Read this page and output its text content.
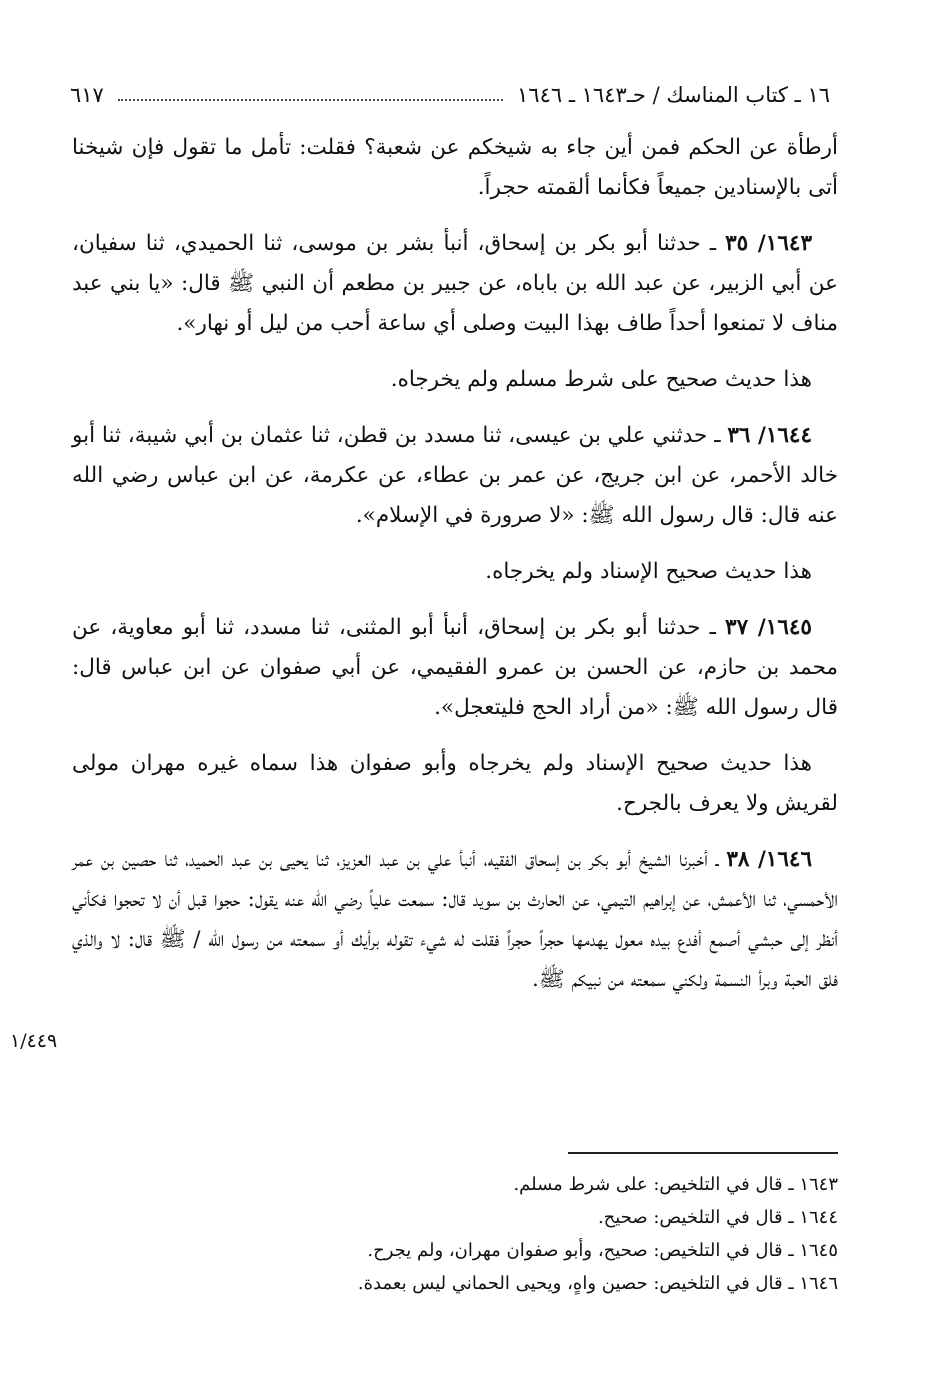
١٦ ـ كتاب المناسك / حـ١٦٤٣ ـ ١٦٤٦
٦١٧

أرطأة عن الحكم فمن أين جاء به شيخكم عن شعبة؟ فقلت: تأمل ما تقول فإن شيخنا أتى بالإسنادين جميعاً فكأنما ألقمته حجراً.

١٦٤٣/ ٣٥ ـ حدثنا أبو بكر بن إسحاق، أنبأ بشر بن موسى، ثنا الحميدي، ثنا سفيان، عن أبي الزبير، عن عبد الله بن باباه، عن جبير بن مطعم أن النبي ﷺ قال: «يا بني عبد مناف لا تمنعوا أحداً طاف بهذا البيت وصلى أي ساعة أحب من ليل أو نهار».

هذا حديث صحيح على شرط مسلم ولم يخرجاه.

١٦٤٤/ ٣٦ ـ حدثني علي بن عيسى، ثنا مسدد بن قطن، ثنا عثمان بن أبي شيبة، ثنا أبو خالد الأحمر، عن ابن جريج، عن عمر بن عطاء، عن عكرمة، عن ابن عباس رضي الله عنه قال: قال رسول الله ﷺ: «لا صرورة في الإسلام».

هذا حديث صحيح الإسناد ولم يخرجاه.

١٦٤٥/ ٣٧ ـ حدثنا أبو بكر بن إسحاق، أنبأ أبو المثنى، ثنا مسدد، ثنا أبو معاوية، عن محمد بن حازم، عن الحسن بن عمرو الفقيمي، عن أبي صفوان عن ابن عباس قال: قال رسول الله ﷺ: «من أراد الحج فليتعجل».

هذا حديث صحيح الإسناد ولم يخرجاه وأبو صفوان هذا سماه غيره مهران مولى لقريش ولا يعرف بالجرح.

١٦٤٦/ ٣٨ ـ أخبرنا الشيخ أبو بكر بن إسحاق الفقيه، أنبأ علي بن عبد العزيز، ثنا يحيى بن عبد الحميد، ثنا حصين بن عمر الأحمسي، ثنا الأعمش، عن إبراهيم التيمي، عن الحارث بن سويد قال: سمعت علياً رضي الله عنه يقول: حجوا قبل أن لا تحجوا فكأني أنظر إلى حبشي أصمع أفدع بيده معول يهدمها حجراً حجراً فقلت له شيء تقوله برأيك أو سمعته من رسول الله / ﷺ قال: لا والذي فلق الحبة وبرأ النسمة ولكني سمعته من نبيكم ﷺ.

١/٤٤٩

١٦٤٣ ـ قال في التلخيص: على شرط مسلم.

١٦٤٤ ـ قال في التلخيص: صحيح.

١٦٤٥ ـ قال في التلخيص: صحيح، وأبو صفوان مهران، ولم يجرح.

١٦٤٦ ـ قال في التلخيص: حصين واهٍ، ويحيى الحماني ليس بعمدة.
